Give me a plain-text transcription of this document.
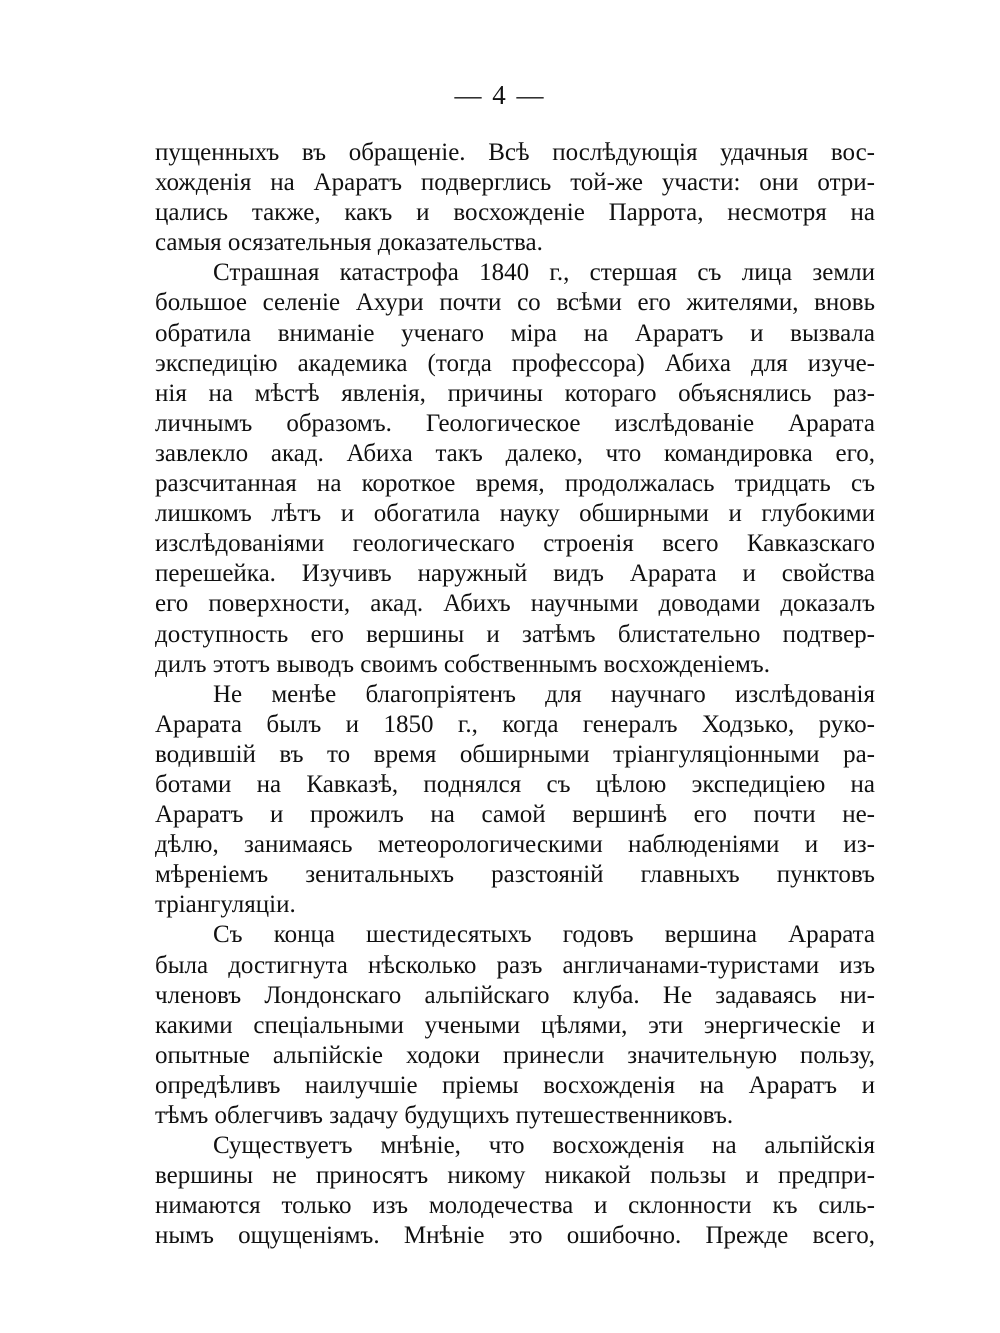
— 4 —
пущенныхъ въ обращеніе. Всѣ послѣдующія удачныя вос-
хожденія на Араратъ подверглись той-же участи: они отри-
цались также, какъ и восхожденіе Паррота, несмотря на
самыя осязательныя доказательства.
Страшная катастрофа 1840 г., стершая съ лица земли
большое селеніе Ахури почти со всѣми его жителями, вновь
обратила вниманіе ученаго міра на Араратъ и вызвала
экспедицію академика (тогда профессора) Абиха для изуче-
нія на мѣстѣ явленія, причины котораго объяснялись раз-
личнымъ образомъ. Геологическое изслѣдованіе Арарата
завлекло акад. Абиха такъ далеко, что командировка его,
разсчитанная на короткое время, продолжалась тридцать съ
лишкомъ лѣтъ и обогатила науку обширными и глубокими
изслѣдованіями геологическаго строенія всего Кавказскаго
перешейка. Изучивъ наружный видъ Арарата и свойства
его поверхности, акад. Абихъ научными доводами доказалъ
доступность его вершины и затѣмъ блистательно подтвер-
дилъ этотъ выводъ своимъ собственнымъ восхожденіемъ.
Не менѣе благопріятенъ для научнаго изслѣдованія
Арарата былъ и 1850 г., когда генералъ Ходзько, руко-
водившій въ то время обширными тріангуляціонными ра-
ботами на Кавказѣ, поднялся съ цѣлою экспедиціею на
Араратъ и прожилъ на самой вершинѣ его почти не-
дѣлю, занимаясь метеорологическими наблюденіями и из-
мѣреніемъ зенитальныхъ разстояній главныхъ пунктовъ
тріангуляціи.
Съ конца шестидесятыхъ годовъ вершина Арарата
была достигнута нѣсколько разъ англичанами-туристами изъ
членовъ Лондонскаго альпійскаго клуба. Не задаваясь ни-
какими спеціальными учеными цѣлями, эти энергическіе и
опытные альпійскіе ходоки принесли значительную пользу,
опредѣливъ наилучшіе пріемы восхожденія на Араратъ и
тѣмъ облегчивъ задачу будущихъ путешественниковъ.
Существуетъ мнѣніе, что восхожденія на альпійскія
вершины не приносятъ никому никакой пользы и предпри-
нимаются только изъ молодечества и склонности къ силь-
нымъ ощущеніямъ. Мнѣніе это ошибочно. Прежде всего,
